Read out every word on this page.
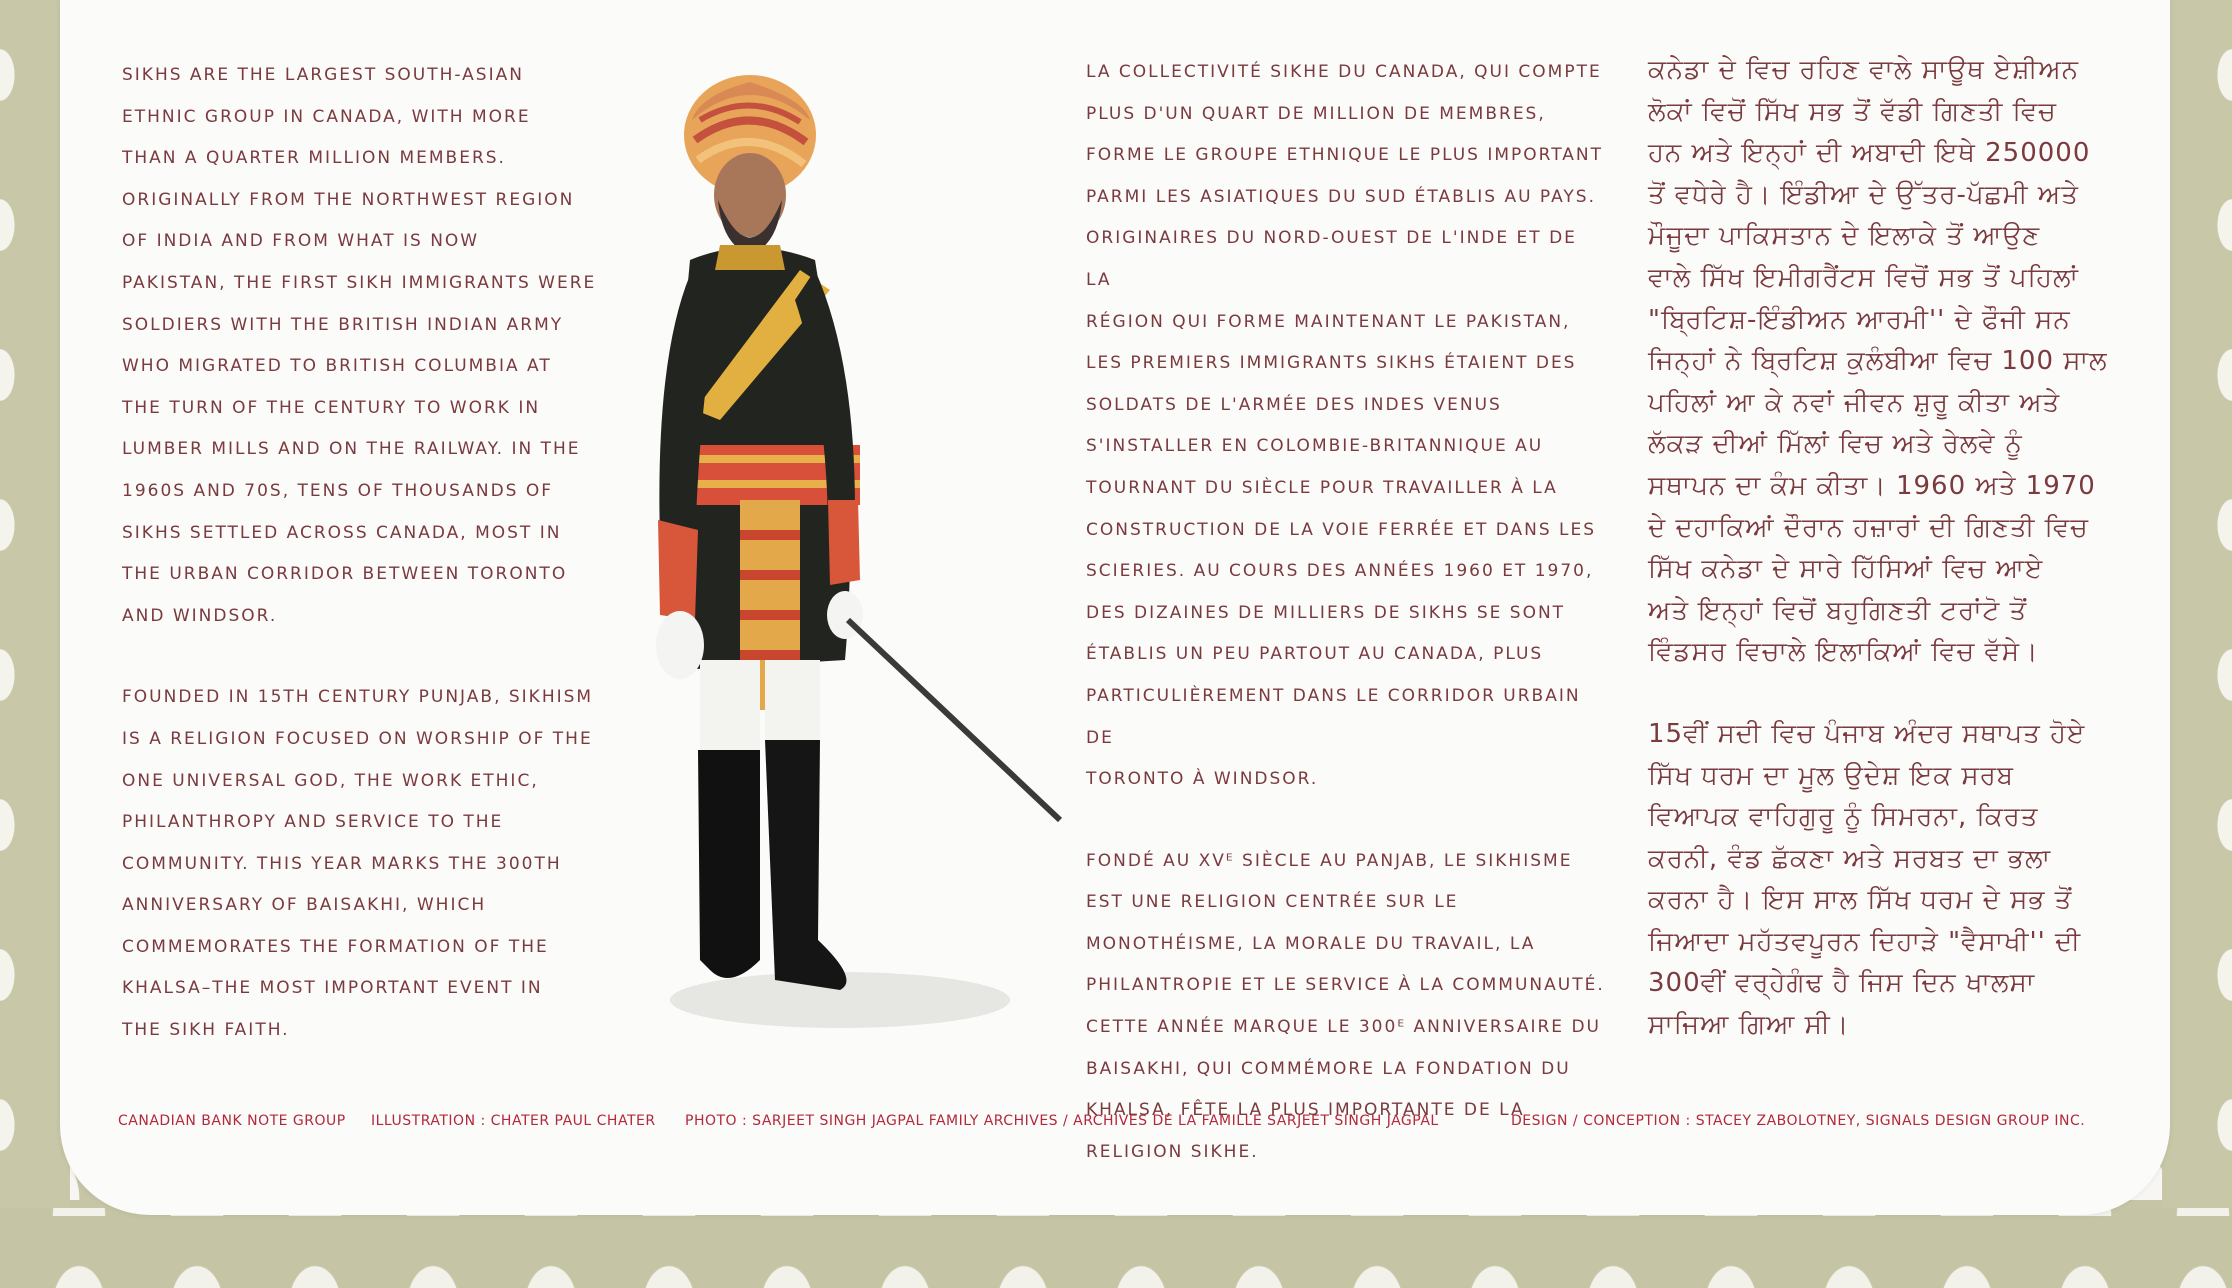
SIKHS ARE THE LARGEST SOUTH-ASIAN
ETHNIC GROUP IN CANADA, WITH MORE
THAN A QUARTER MILLION MEMBERS.
ORIGINALLY FROM THE NORTHWEST REGION
OF INDIA AND FROM WHAT IS NOW
PAKISTAN, THE FIRST SIKH IMMIGRANTS WERE
SOLDIERS WITH THE BRITISH INDIAN ARMY
WHO MIGRATED TO BRITISH COLUMBIA AT
THE TURN OF THE CENTURY TO WORK IN
LUMBER MILLS AND ON THE RAILWAY. IN THE
1960S AND 70S, TENS OF THOUSANDS OF
SIKHS SETTLED ACROSS CANADA, MOST IN
THE URBAN CORRIDOR BETWEEN TORONTO
AND WINDSOR.

FOUNDED IN 15TH CENTURY PUNJAB, SIKHISM
IS A RELIGION FOCUSED ON WORSHIP OF THE
ONE UNIVERSAL GOD, THE WORK ETHIC,
PHILANTHROPY AND SERVICE TO THE
COMMUNITY. THIS YEAR MARKS THE 300TH
ANNIVERSARY OF BAISAKHI, WHICH
COMMEMORATES THE FORMATION OF THE
KHALSA–THE MOST IMPORTANT EVENT IN
THE SIKH FAITH.

LA COLLECTIVITÉ SIKHE DU CANADA, QUI COMPTE
PLUS D'UN QUART DE MILLION DE MEMBRES,
FORME LE GROUPE ETHNIQUE LE PLUS IMPORTANT
PARMI LES ASIATIQUES DU SUD ÉTABLIS AU PAYS.
ORIGINAIRES DU NORD-OUEST DE L'INDE ET DE LA
RÉGION QUI FORME MAINTENANT LE PAKISTAN,
LES PREMIERS IMMIGRANTS SIKHS ÉTAIENT DES
SOLDATS DE L'ARMÉE DES INDES VENUS
S'INSTALLER EN COLOMBIE-BRITANNIQUE AU
TOURNANT DU SIÈCLE POUR TRAVAILLER À LA
CONSTRUCTION DE LA VOIE FERRÉE ET DANS LES
SCIERIES. AU COURS DES ANNÉES 1960 ET 1970,
DES DIZAINES DE MILLIERS DE SIKHS SE SONT
ÉTABLIS UN PEU PARTOUT AU CANADA, PLUS
PARTICULIÈREMENT DANS LE CORRIDOR URBAIN DE
TORONTO À WINDSOR.

FONDÉ AU XVᴱ SIÈCLE AU PANJAB, LE SIKHISME
EST UNE RELIGION CENTRÉE SUR LE
MONOTHÉISME, LA MORALE DU TRAVAIL, LA
PHILANTROPIE ET LE SERVICE À LA COMMUNAUTÉ.
CETTE ANNÉE MARQUE LE 300ᴱ ANNIVERSAIRE DU
BAISAKHI, QUI COMMÉMORE LA FONDATION DU
KHALSA, FÊTE LA PLUS IMPORTANTE DE LA
RELIGION SIKHE.

ਕਨੇਡਾ ਦੇ ਵਿਚ ਰਹਿਣ ਵਾਲੇ ਸਾਊਥ ਏਸ਼ੀਅਨ
ਲੋਕਾਂ ਵਿਚੋਂ ਸਿੱਖ ਸਭ ਤੋਂ ਵੱਡੀ ਗਿਣਤੀ ਵਿਚ
ਹਨ ਅਤੇ ਇਨ੍ਹਾਂ ਦੀ ਅਬਾਦੀ ਇਥੇ 250000
ਤੋਂ ਵਧੇਰੇ ਹੈ। ਇੰਡੀਆ ਦੇ ਉੱਤਰ-ਪੱਛਮੀ ਅਤੇ
ਮੌਜੂਦਾ ਪਾਕਿਸਤਾਨ ਦੇ ਇਲਾਕੇ ਤੋਂ ਆਉਣ
ਵਾਲੇ ਸਿੱਖ ਇਮੀਗਰੈਂਟਸ ਵਿਚੋਂ ਸਭ ਤੋਂ ਪਹਿਲਾਂ
"ਬ੍ਰਿਟਿਸ਼-ਇੰਡੀਅਨ ਆਰਮੀ'' ਦੇ ਫੌਜੀ ਸਨ
ਜਿਨ੍ਹਾਂ ਨੇ ਬ੍ਰਿਟਿਸ਼ ਕੁਲੰਬੀਆ ਵਿਚ 100 ਸਾਲ
ਪਹਿਲਾਂ ਆ ਕੇ ਨਵਾਂ ਜੀਵਨ ਸ਼ੁਰੂ ਕੀਤਾ ਅਤੇ
ਲੱਕੜ ਦੀਆਂ ਮਿੱਲਾਂ ਵਿਚ ਅਤੇ ਰੇਲਵੇ ਨੂੰ
ਸਥਾਪਨ ਦਾ ਕੰਮ ਕੀਤਾ। 1960 ਅਤੇ 1970
ਦੇ ਦਹਾਕਿਆਂ ਦੌਰਾਨ ਹਜ਼ਾਰਾਂ ਦੀ ਗਿਣਤੀ ਵਿਚ
ਸਿੱਖ ਕਨੇਡਾ ਦੇ ਸਾਰੇ ਹਿੱਸਿਆਂ ਵਿਚ ਆਏ
ਅਤੇ ਇਨ੍ਹਾਂ ਵਿਚੋਂ ਬਹੁਗਿਣਤੀ ਟਰਾਂਟੋ ਤੋਂ
ਵਿੰਡਸਰ ਵਿਚਾਲੇ ਇਲਾਕਿਆਂ ਵਿਚ ਵੱਸੇ।

15ਵੀਂ ਸਦੀ ਵਿਚ ਪੰਜਾਬ ਅੰਦਰ ਸਥਾਪਤ ਹੋਏ
ਸਿੱਖ ਧਰਮ ਦਾ ਮੂਲ ਉਦੇਸ਼ ਇਕ ਸਰਬ
ਵਿਆਪਕ ਵਾਹਿਗੁਰੂ ਨੂੰ ਸਿਮਰਨਾ, ਕਿਰਤ
ਕਰਨੀ, ਵੰਡ ਛੱਕਣਾ ਅਤੇ ਸਰਬਤ ਦਾ ਭਲਾ
ਕਰਨਾ ਹੈ। ਇਸ ਸਾਲ ਸਿੱਖ ਧਰਮ ਦੇ ਸਭ ਤੋਂ
ਜਿਆਦਾ ਮਹੱਤਵਪੂਰਨ ਦਿਹਾੜੇ "ਵੈਸਾਖੀ'' ਦੀ
300ਵੀਂ ਵਰ੍ਹੇਗੰਢ ਹੈ ਜਿਸ ਦਿਨ ਖਾਲਸਾ
ਸਾਜਿਆ ਗਿਆ ਸੀ।

CANADIAN BANK NOTE GROUP ILLUSTRATION : CHATER PAUL CHATER PHOTO : SARJEET SINGH JAGPAL FAMILY ARCHIVES / ARCHIVES DE LA FAMILLE SARJEET SINGH JAGPAL	DESIGN / CONCEPTION : STACEY ZABOLOTNEY, SIGNALS DESIGN GROUP INC.
